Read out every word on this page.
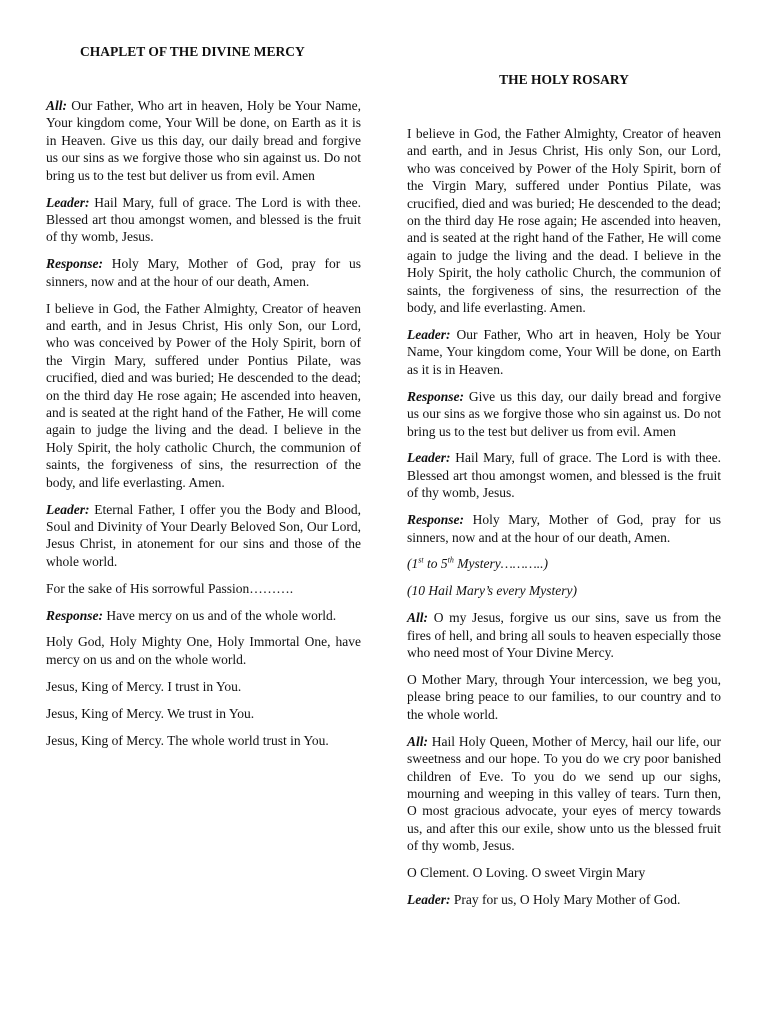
CHAPLET OF THE DIVINE MERCY

All: Our Father, Who art in heaven, Holy be Your Name, Your kingdom come, Your Will be done, on Earth as it is in Heaven. Give us this day, our daily bread and forgive us our sins as we forgive those who sin against us. Do not bring us to the test but deliver us from evil. Amen

Leader: Hail Mary, full of grace. The Lord is with thee. Blessed art thou amongst women, and blessed is the fruit of thy womb, Jesus.

Response: Holy Mary, Mother of God, pray for us sinners, now and at the hour of our death, Amen.

I believe in God, the Father Almighty, Creator of heaven and earth, and in Jesus Christ, His only Son, our Lord, who was conceived by Power of the Holy Spirit, born of the Virgin Mary, suffered under Pontius Pilate, was crucified, died and was buried; He descended to the dead; on the third day He rose again; He ascended into heaven, and is seated at the right hand of the Father, He will come again to judge the living and the dead. I believe in the Holy Spirit, the holy catholic Church, the communion of saints, the forgiveness of sins, the resurrection of the body, and life everlasting. Amen.

Leader: Eternal Father, I offer you the Body and Blood, Soul and Divinity of Your Dearly Beloved Son, Our Lord, Jesus Christ, in atonement for our sins and those of the whole world.

For the sake of His sorrowful Passion……….

Response: Have mercy on us and of the whole world.

Holy God, Holy Mighty One, Holy Immortal One, have mercy on us and on the whole world.

Jesus, King of Mercy. I trust in You.

Jesus, King of Mercy. We trust in You.

Jesus, King of Mercy. The whole world trust in You.

THE HOLY ROSARY

I believe in God, the Father Almighty, Creator of heaven and earth, and in Jesus Christ, His only Son, our Lord, who was conceived by Power of the Holy Spirit, born of the Virgin Mary, suffered under Pontius Pilate, was crucified, died and was buried; He descended to the dead; on the third day He rose again; He ascended into heaven, and is seated at the right hand of the Father, He will come again to judge the living and the dead. I believe in the Holy Spirit, the holy catholic Church, the communion of saints, the forgiveness of sins, the resurrection of the body, and life everlasting. Amen.

Leader: Our Father, Who art in heaven, Holy be Your Name, Your kingdom come, Your Will be done, on Earth as it is in Heaven.

Response: Give us this day, our daily bread and forgive us our sins as we forgive those who sin against us. Do not bring us to the test but deliver us from evil. Amen

Leader: Hail Mary, full of grace. The Lord is with thee. Blessed art thou amongst women, and blessed is the fruit of thy womb, Jesus.

Response: Holy Mary, Mother of God, pray for us sinners, now and at the hour of our death, Amen.

(1st to 5th Mystery………..)

(10 Hail Mary’s every Mystery)

All: O my Jesus, forgive us our sins, save us from the fires of hell, and bring all souls to heaven especially those who need most of Your Divine Mercy.

O Mother Mary, through Your intercession, we beg you, please bring peace to our families, to our country and to the whole world.

All: Hail Holy Queen, Mother of Mercy, hail our life, our sweetness and our hope. To you do we cry poor banished children of Eve. To you do we send up our sighs, mourning and weeping in this valley of tears. Turn then, O most gracious advocate, your eyes of mercy towards us, and after this our exile, show unto us the blessed fruit of thy womb, Jesus.

O Clement. O Loving. O sweet Virgin Mary

Leader: Pray for us, O Holy Mary Mother of God.
